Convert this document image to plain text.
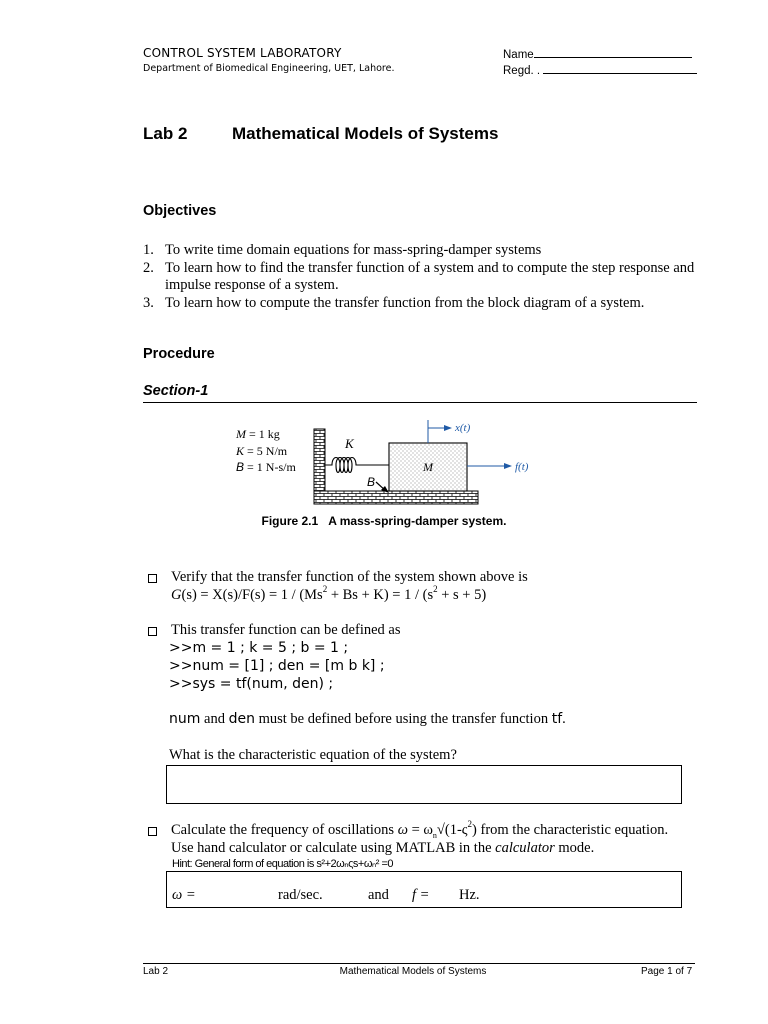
CONTROL SYSTEM LABORATORY
Department of Biomedical Engineering, UET, Lahore.
Name
Regd. .
Lab 2	Mathematical Models of Systems
Objectives
1. To write time domain equations for mass-spring-damper systems
2. To learn how to find the transfer function of a system and to compute the step response and impulse response of a system.
3. To learn how to compute the transfer function from the block diagram of a system.
Procedure
Section-1
M = 1 kg
K = 5 N/m
B = 1 N-s/m
K
B
M
x(t)
f(t)
Figure 2.1 A mass-spring-damper system.
Verify that the transfer function of the system shown above is
$G(s) = X(s)/F(s) = 1 / (Ms^2 + Bs + K) = 1 / (s^2 + s + 5)$
This transfer function can be defined as
>>m = 1 ; k = 5 ; b = 1 ;
>>num = [1] ; den = [m b k] ;
>>sys = tf(num, den) ;
num and den must be defined before using the transfer function tf.
What is the characteristic equation of the system?
Calculate the frequency of oscillations $\omega = \omega_n√(1-\varsigma^2)$ from the characteristic equation.
Use hand calculator or calculate using MATLAB in the calculator mode.
Hint: General form of equation is s²+2ωₙςs+ωₙ² =0
ω =	rad/sec.	and f = Hz.
Lab 2	Mathematical Models of Systems	Page 1 of 7
